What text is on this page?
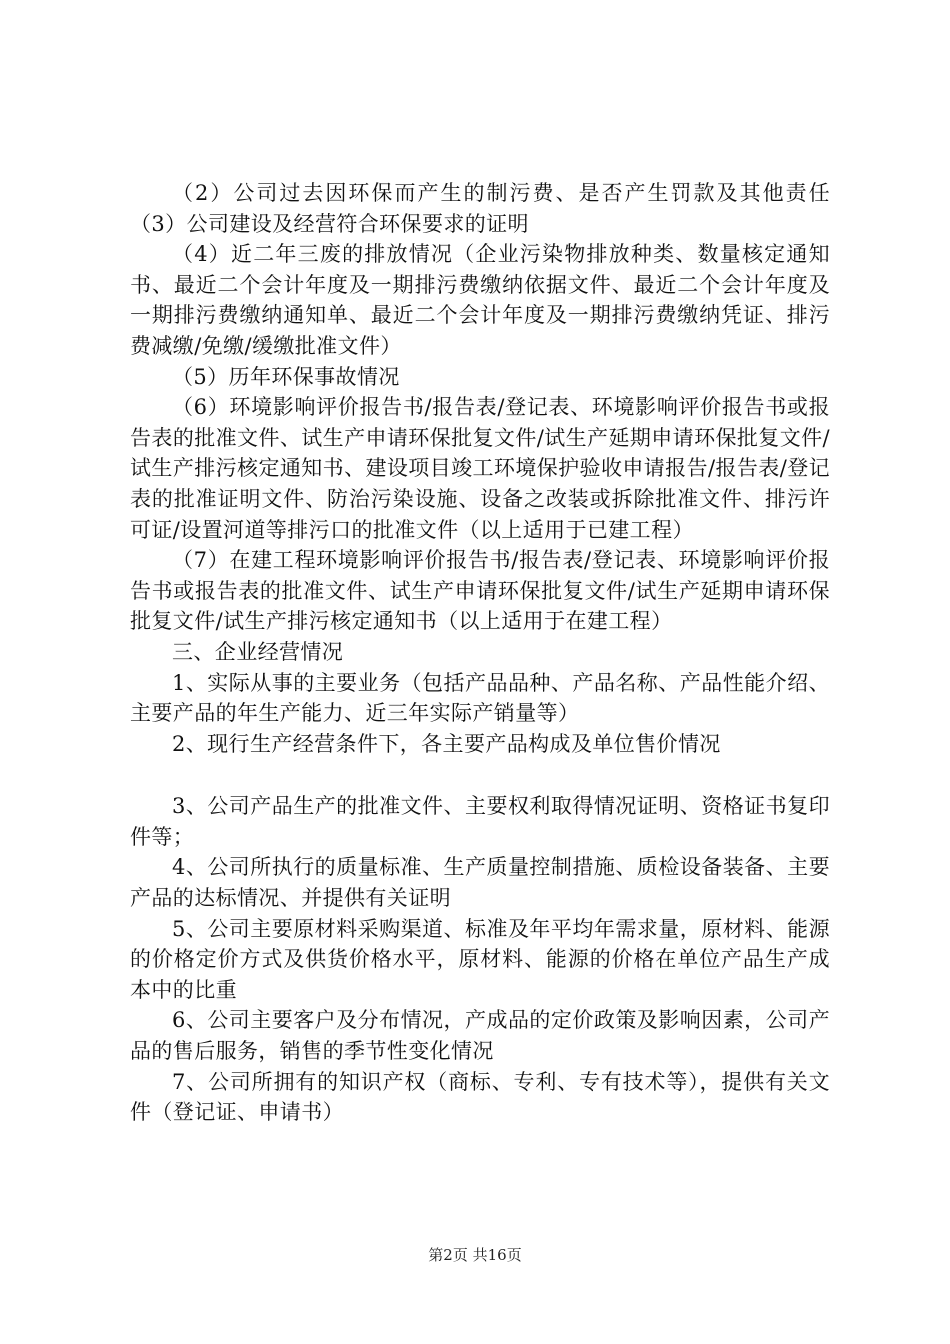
（2）公司过去因环保而产生的制污费、是否产生罚款及其他责任（3）公司建设及经营符合环保要求的证明

（4）近二年三废的排放情况（企业污染物排放种类、数量核定通知书、最近二个会计年度及一期排污费缴纳依据文件、最近二个会计年度及一期排污费缴纳通知单、最近二个会计年度及一期排污费缴纳凭证、排污费减缴/免缴/缓缴批准文件）

（5）历年环保事故情况

（6）环境影响评价报告书/报告表/登记表、环境影响评价报告书或报告表的批准文件、试生产申请环保批复文件/试生产延期申请环保批复文件/试生产排污核定通知书、建设项目竣工环境保护验收申请报告/报告表/登记表的批准证明文件、防治污染设施、设备之改装或拆除批准文件、排污许可证/设置河道等排污口的批准文件（以上适用于已建工程）

（7）在建工程环境影响评价报告书/报告表/登记表、环境影响评价报告书或报告表的批准文件、试生产申请环保批复文件/试生产延期申请环保批复文件/试生产排污核定通知书（以上适用于在建工程）

三、企业经营情况

1、实际从事的主要业务（包括产品品种、产品名称、产品性能介绍、主要产品的年生产能力、近三年实际产销量等）

2、现行生产经营条件下，各主要产品构成及单位售价情况

3、公司产品生产的批准文件、主要权利取得情况证明、资格证书复印件等；

4、公司所执行的质量标准、生产质量控制措施、质检设备装备、主要产品的达标情况、并提供有关证明

5、公司主要原材料采购渠道、标准及年平均年需求量，原材料、能源的价格定价方式及供货价格水平，原材料、能源的价格在单位产品生产成本中的比重

6、公司主要客户及分布情况，产成品的定价政策及影响因素，公司产品的售后服务，销售的季节性变化情况

7、公司所拥有的知识产权（商标、专利、专有技术等），提供有关文件（登记证、申请书）

第2页 共16页
